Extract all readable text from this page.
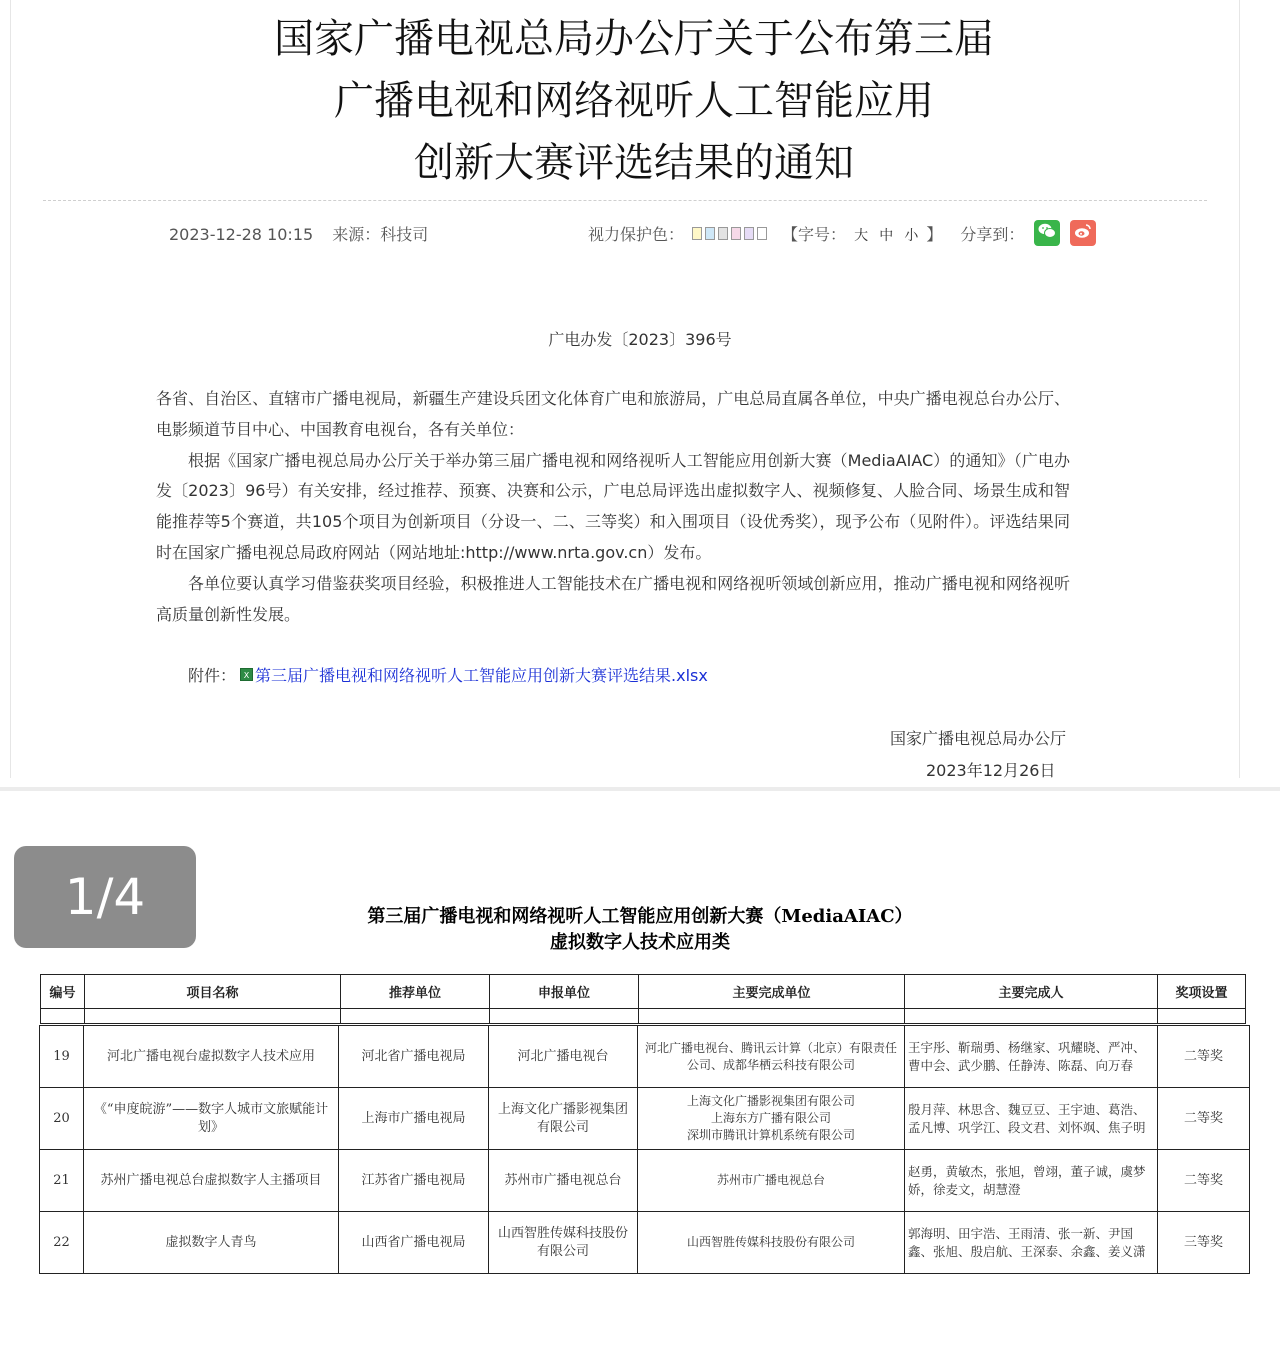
国家广播电视总局办公厅关于公布第三届
广播电视和网络视听人工智能应用
创新大赛评选结果的通知
2023-12-28 10:15 来源：科技司	视力保护色：	【字号： 大 中 小 】 分享到：
广电办发〔2023〕396号

各省、自治区、直辖市广播电视局，新疆生产建设兵团文化体育广电和旅游局，广电总局直属各单位，中央广播电视总台办公厅、电影频道节目中心、中国教育电视台，各有关单位：

根据《国家广播电视总局办公厅关于举办第三届广播电视和网络视听人工智能应用创新大赛（MediaAIAC）的通知》（广电办发〔2023〕96号）有关安排，经过推荐、预赛、决赛和公示，广电总局评选出虚拟数字人、视频修复、人脸合同、场景生成和智能推荐等5个赛道，共105个项目为创新项目（分设一、二、三等奖）和入围项目（设优秀奖），现予公布（见附件）。评选结果同时在国家广播电视总局政府网站（网站地址:http://www.nrta.gov.cn）发布。

各单位要认真学习借鉴获奖项目经验，积极推进人工智能技术在广播电视和网络视听领域创新应用，推动广播电视和网络视听高质量创新性发展。

附件： X 第三届广播电视和网络视听人工智能应用创新大赛评选结果.xlsx
国家广播电视总局办公厅
2023年12月26日
1/4	第三届广播电视和网络视听人工智能应用创新大赛（MediaAIAC）
虚拟数字人技术应用类
编号	项目名称	推荐单位	申报单位	主要完成单位	主要完成人	奖项设置

19	河北广播电视台虚拟数字人技术应用	河北省广播电视局	河北广播电视台	河北广播电视台、腾讯云计算（北京）有限责任公司、成都华栖云科技有限公司	王宇彤、靳瑞勇、杨继家、巩耀晓、严冲、曹中会、武少鹏、任静涛、陈磊、向万春	二等奖
20	《“申度皖游”——数字人城市文旅赋能计划》	上海市广播电视局	上海文化广播影视集团有限公司	上海文化广播影视集团有限公司
上海东方广播有限公司
深圳市腾讯计算机系统有限公司	殷月萍、林思含、魏豆豆、王宇迪、葛浩、孟凡博、巩学江、段文君、刘怀飒、焦子明	二等奖
21	苏州广播电视总台虚拟数字人主播项目	江苏省广播电视局	苏州市广播电视总台	苏州市广播电视总台	赵勇，黄敏杰，张旭，曾翊，董子诚，虞梦娇，徐麦文，胡慧澄	二等奖
22	虚拟数字人青鸟	山西省广播电视局	山西智胜传媒科技股份有限公司	山西智胜传媒科技股份有限公司	郭海明、田宇浩、王雨清、张一新、尹国鑫、张旭、殷启航、王深泰、余鑫、姜义潇	三等奖
